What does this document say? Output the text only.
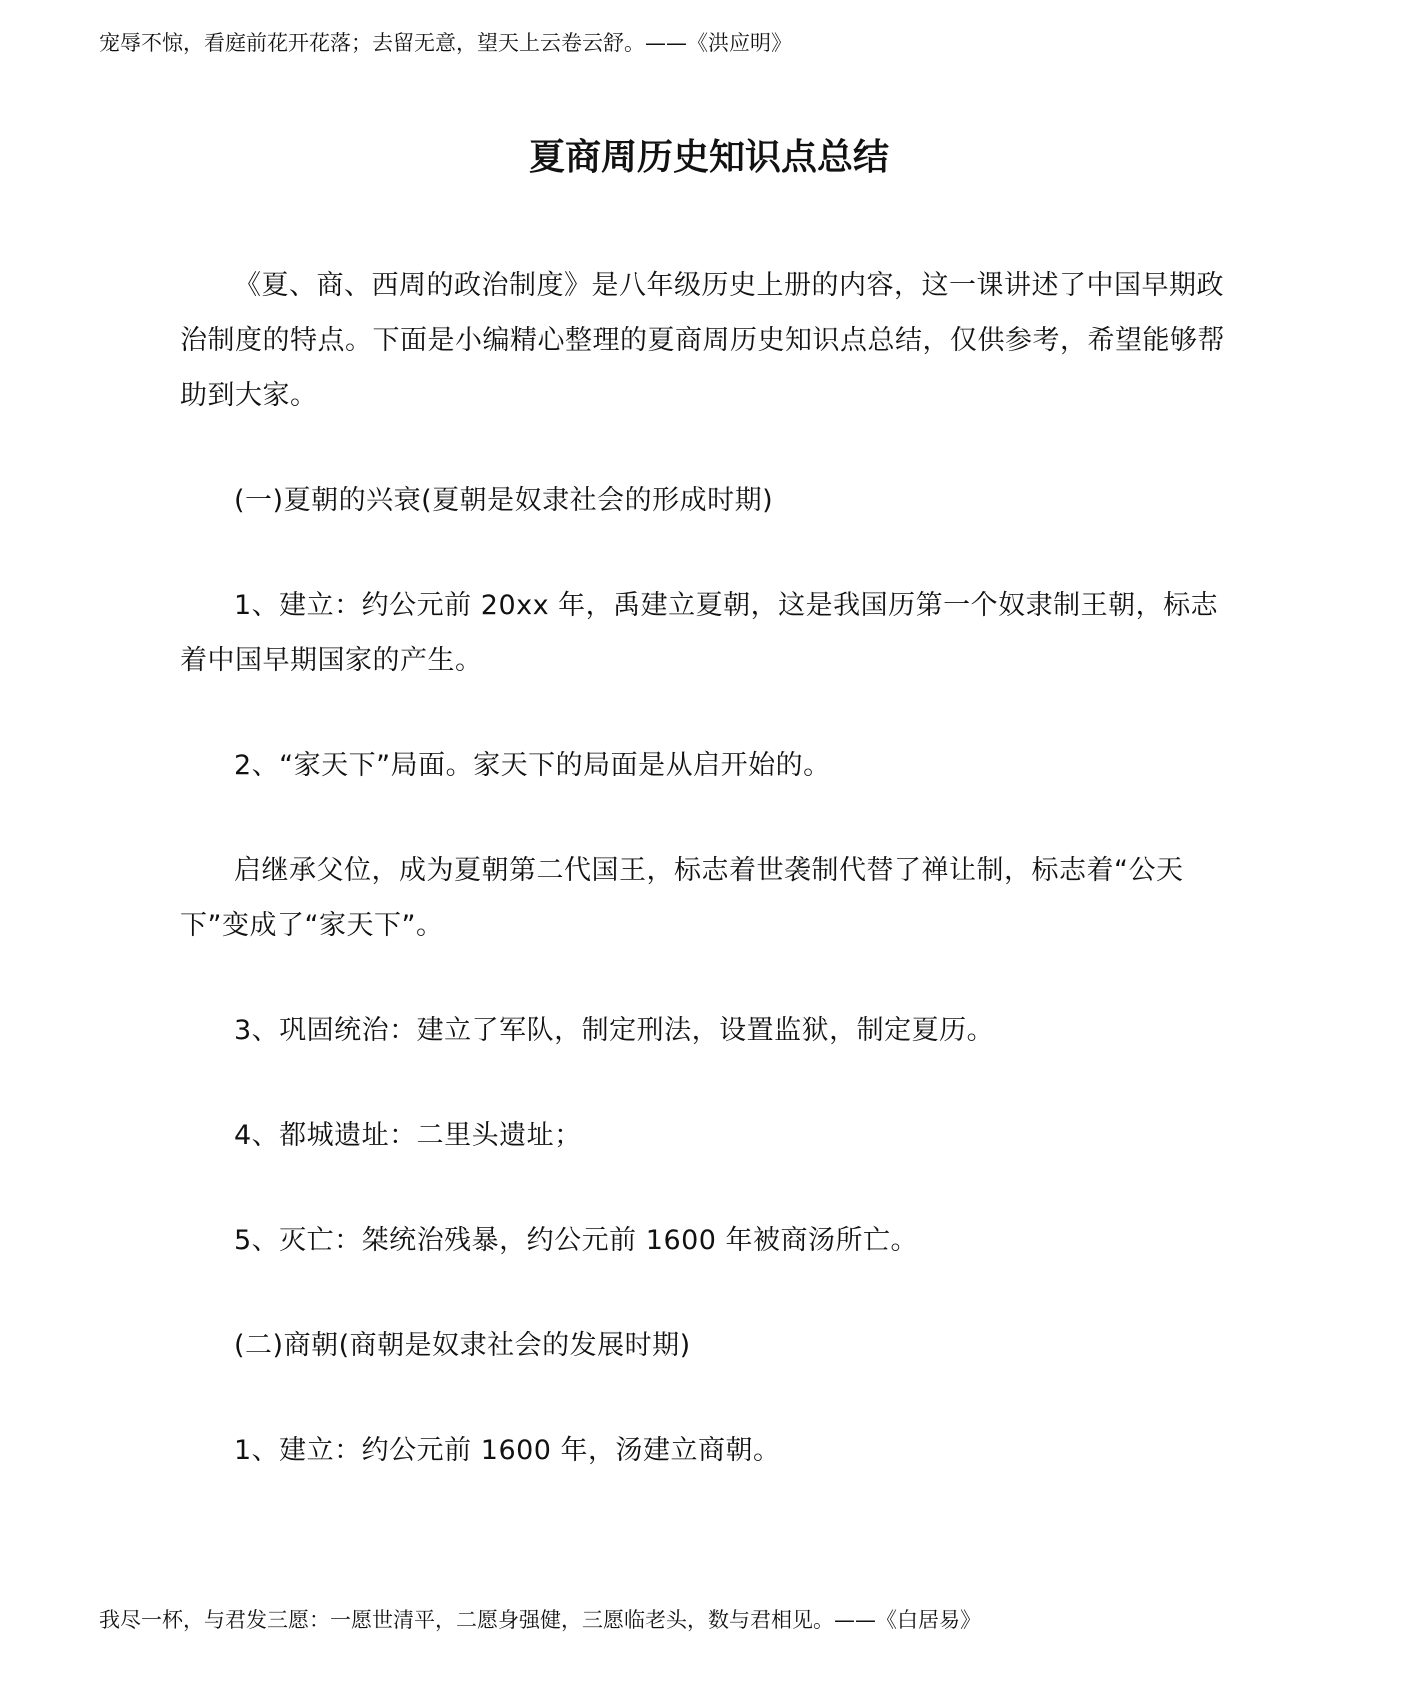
宠辱不惊，看庭前花开花落；去留无意，望天上云卷云舒。——《洪应明》
夏商周历史知识点总结

《夏、商、西周的政治制度》是八年级历史上册的内容，这一课讲述了中国早期政治制度的特点。下面是小编精心整理的夏商周历史知识点总结，仅供参考，希望能够帮助到大家。

(一)夏朝的兴衰(夏朝是奴隶社会的形成时期)

1、建立：约公元前 20xx 年，禹建立夏朝，这是我国历第一个奴隶制王朝，标志着中国早期国家的产生。

2、“家天下”局面。家天下的局面是从启开始的。

启继承父位，成为夏朝第二代国王，标志着世袭制代替了禅让制，标志着“公天下”变成了“家天下”。

3、巩固统治：建立了军队，制定刑法，设置监狱，制定夏历。

4、都城遗址：二里头遗址；

5、灭亡：桀统治残暴，约公元前 1600 年被商汤所亡。

(二)商朝(商朝是奴隶社会的发展时期)

1、建立：约公元前 1600 年，汤建立商朝。

我尽一杯，与君发三愿：一愿世清平，二愿身强健，三愿临老头，数与君相见。——《白居易》
